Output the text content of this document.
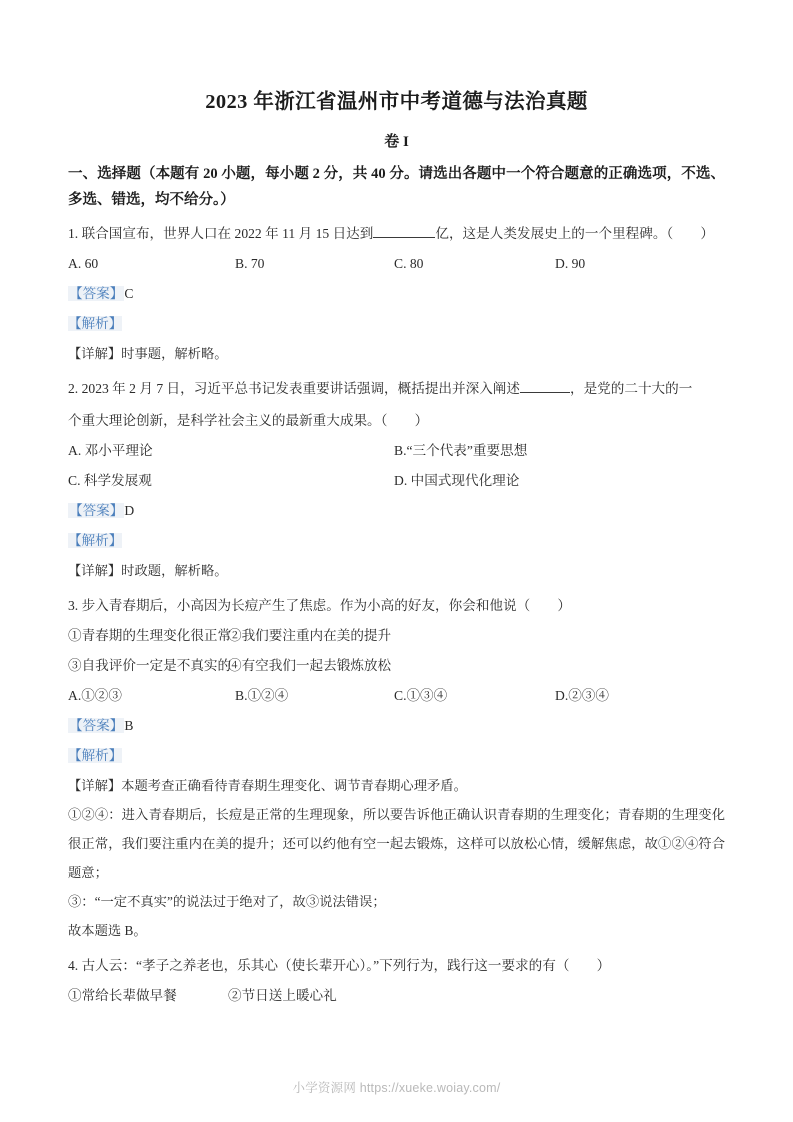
2023 年浙江省温州市中考道德与法治真题
卷 I
一、选择题（本题有 20 小题，每小题 2 分，共 40 分。请选出各题中一个符合题意的正确选项，不选、多选、错选，均不给分。）
1. 联合国宣布，世界人口在 2022 年 11 月 15 日达到	亿，这是人类发展史上的一个里程碑。（　　）
A. 60	B. 70	C. 80	D. 90
【答案】C
【解析】
【详解】时事题，解析略。
2. 2023 年 2 月 7 日，习近平总书记发表重要讲话强调，概括提出并深入阐述	，是党的二十大的一
个重大理论创新，是科学社会主义的最新重大成果。（　　）
A. 邓小平理论	B.“三个代表”重要思想
C. 科学发展观	D. 中国式现代化理论
【答案】D
【解析】
【详解】时政题，解析略。
3. 步入青春期后，小高因为长痘产生了焦虑。作为小高的好友，你会和他说（　　）
①青春期的生理变化很正常
②我们要注重内在美的提升
③自我评价一定是不真实的
④有空我们一起去锻炼放松
A.①②③	B.①②④	C.①③④	D.②③④
【答案】B
【解析】
【详解】本题考查正确看待青春期生理变化、调节青春期心理矛盾。
①②④：进入青春期后，长痘是正常的生理现象，所以要告诉他正确认识青春期的生理变化；青春期的生理变化很正常，我们要注重内在美的提升；还可以约他有空一起去锻炼，这样可以放松心情，缓解焦虑，故①②④符合题意；
③：“一定不真实”的说法过于绝对了，故③说法错误；
故本题选 B。
4. 古人云：“孝子之养老也，乐其心（使长辈开心）。”下列行为，践行这一要求的有（　　）
①常给长辈做早餐	②节日送上暖心礼
小学资源网 https://xueke.woiay.com/
